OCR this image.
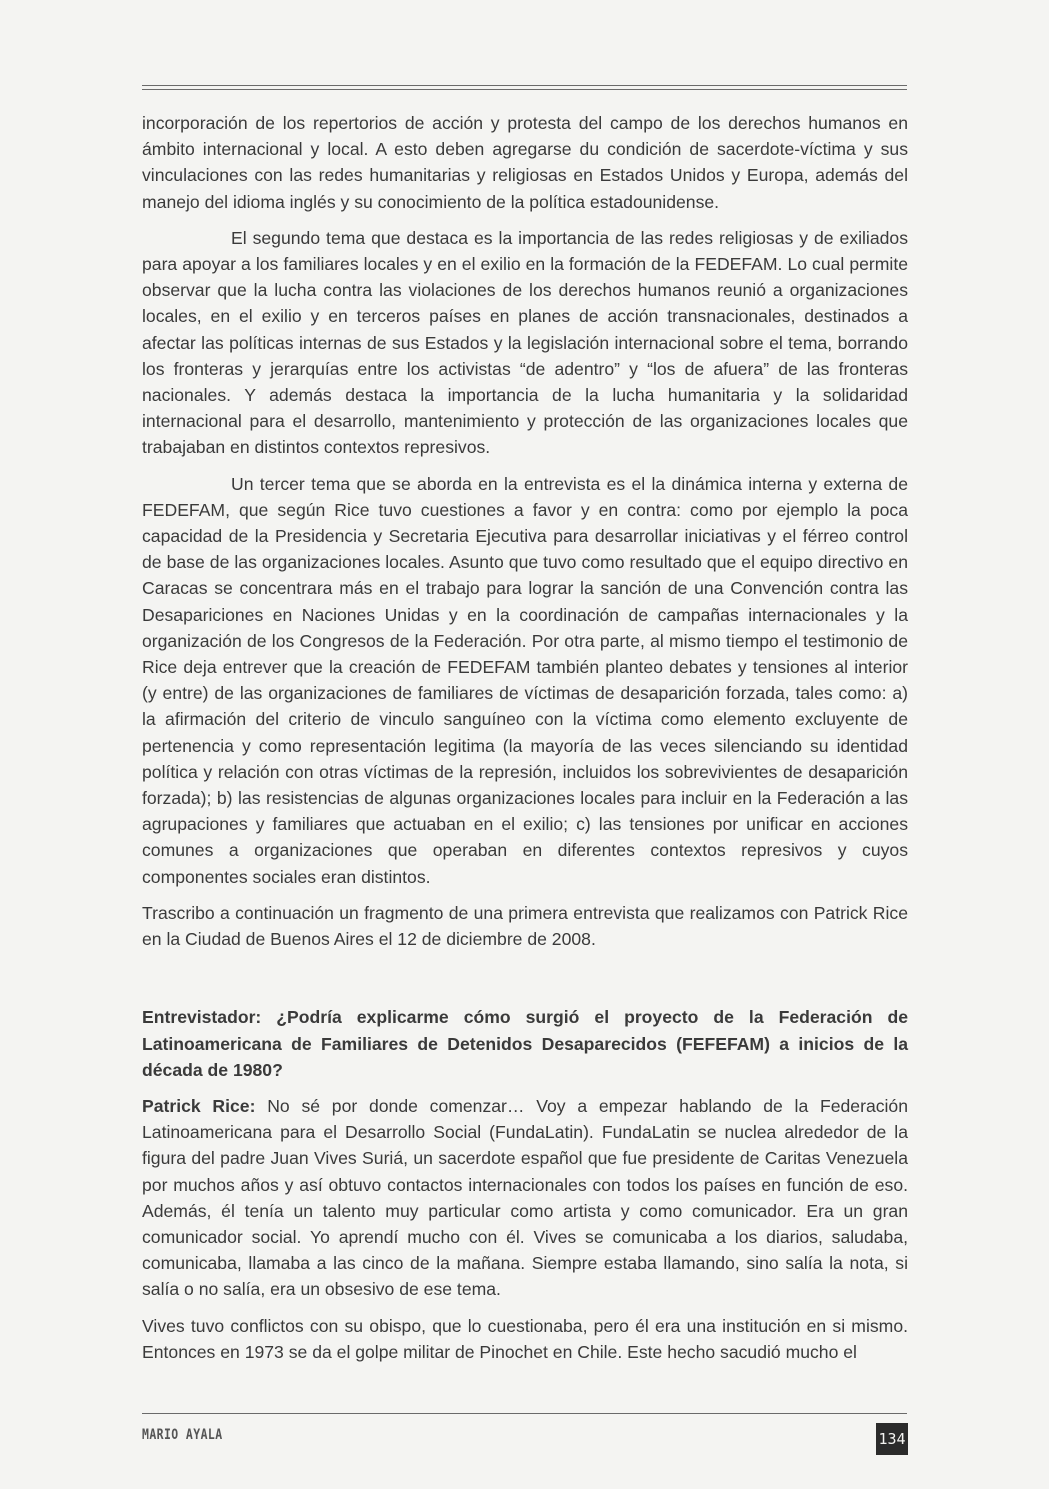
incorporación de los repertorios de acción y protesta del campo de los derechos humanos en ámbito internacional y local. A esto deben agregarse du condición de sacerdote-víctima y sus vinculaciones con las redes humanitarias y religiosas en Estados Unidos y Europa, además del manejo del idioma inglés y su conocimiento de la política estadounidense.

El segundo tema que destaca es la importancia de las redes religiosas y de exiliados para apoyar a los familiares locales y en el exilio en la formación de la FEDEFAM. Lo cual permite observar que la lucha contra las violaciones de los derechos humanos reunió a organizaciones locales, en el exilio y en terceros países en planes de acción transnacionales, destinados a afectar las políticas internas de sus Estados y la legislación internacional sobre el tema, borrando los fronteras y jerarquías entre los activistas “de adentro” y “los de afuera” de las fronteras nacionales. Y además destaca la importancia de la lucha humanitaria y la solidaridad internacional para el desarrollo, mantenimiento y protección de las organizaciones locales que trabajaban en distintos contextos represivos.

Un tercer tema que se aborda en la entrevista es el la dinámica interna y externa de FEDEFAM, que según Rice tuvo cuestiones a favor y en contra: como por ejemplo la poca capacidad de la Presidencia y Secretaria Ejecutiva para desarrollar iniciativas y el férreo control de base de las organizaciones locales. Asunto que tuvo como resultado que el equipo directivo en Caracas se concentrara más en el trabajo para lograr la sanción de una Convención contra las Desapariciones en Naciones Unidas y en la coordinación de campañas internacionales y la organización de los Congresos de la Federación. Por otra parte, al mismo tiempo el testimonio de Rice deja entrever que la creación de FEDEFAM también planteo debates y tensiones al interior (y entre) de las organizaciones de familiares de víctimas de desaparición forzada, tales como: a) la afirmación del criterio de vinculo sanguíneo con la víctima como elemento excluyente de pertenencia y como representación legitima (la mayoría de las veces silenciando su identidad política y relación con otras víctimas de la represión, incluidos los sobrevivientes de desaparición forzada); b) las resistencias de algunas organizaciones locales para incluir en la Federación a las agrupaciones y familiares que actuaban en el exilio; c) las tensiones por unificar en acciones comunes a organizaciones que operaban en diferentes contextos represivos y cuyos componentes sociales eran distintos.

Trascribo a continuación un fragmento de una primera entrevista que realizamos con Patrick Rice en la Ciudad de Buenos Aires el 12 de diciembre de 2008.

Entrevistador: ¿Podría explicarme cómo surgió el proyecto de la Federación de Latinoamericana de Familiares de Detenidos Desaparecidos (FEFEFAM) a inicios de la década de 1980?

Patrick Rice: No sé por donde comenzar… Voy a empezar hablando de la Federación Latinoamericana para el Desarrollo Social (FundaLatin). FundaLatin se nuclea alrededor de la figura del padre Juan Vives Suriá, un sacerdote español que fue presidente de Caritas Venezuela por muchos años y así obtuvo contactos internacionales con todos los países en función de eso. Además, él tenía un talento muy particular como artista y como comunicador. Era un gran comunicador social. Yo aprendí mucho con él. Vives se comunicaba a los diarios, saludaba, comunicaba, llamaba a las cinco de la mañana. Siempre estaba llamando, sino salía la nota, si salía o no salía, era un obsesivo de ese tema.

Vives tuvo conflictos con su obispo, que lo cuestionaba, pero él era una institución en si mismo. Entonces en 1973 se da el golpe militar de Pinochet en Chile. Este hecho sacudió mucho el

MARIO AYALA	134
